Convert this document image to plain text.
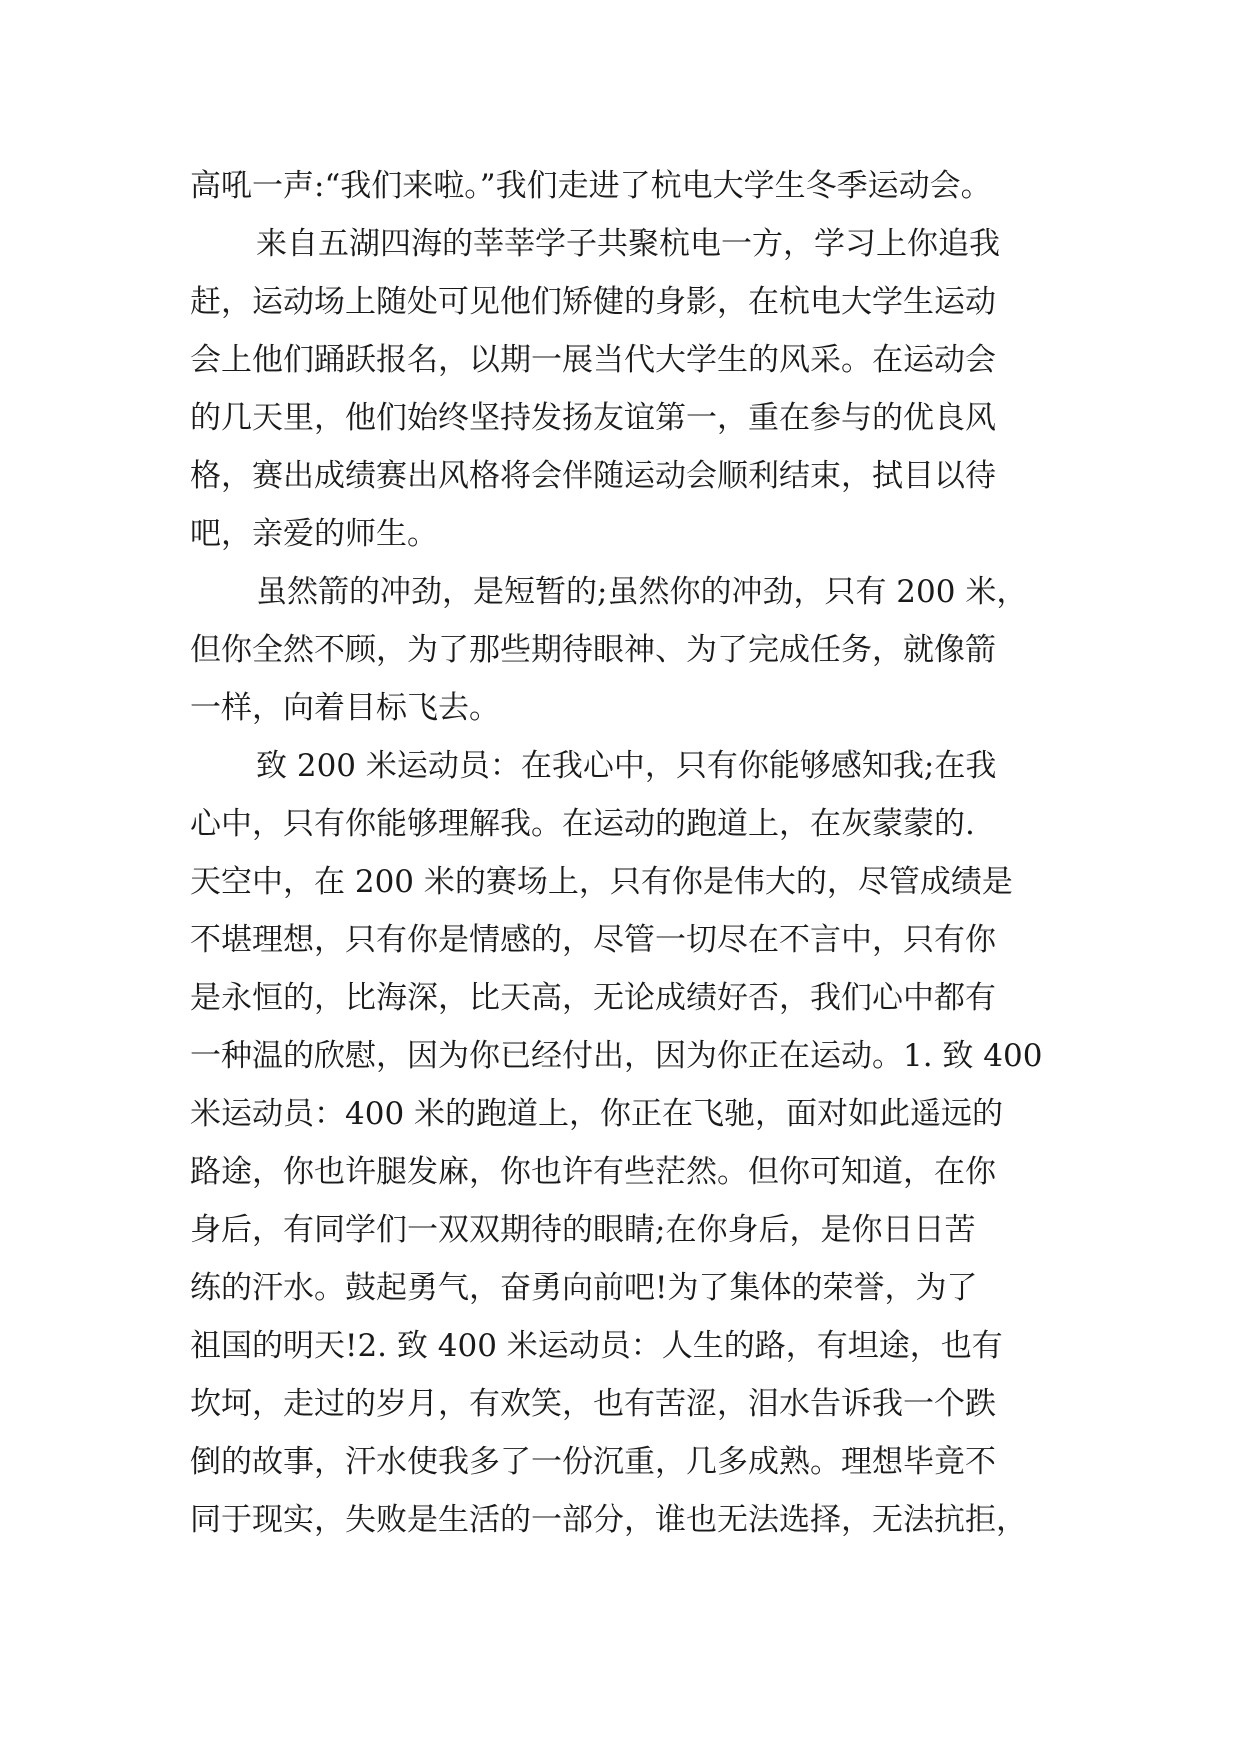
高吼一声:“我们来啦。”我们走进了杭电大学生冬季运动会。
来自五湖四海的莘莘学子共聚杭电一方，学习上你追我
赶，运动场上随处可见他们矫健的身影，在杭电大学生运动
会上他们踊跃报名，以期一展当代大学生的风采。在运动会
的几天里，他们始终坚持发扬友谊第一，重在参与的优良风
格，赛出成绩赛出风格将会伴随运动会顺利结束，拭目以待
吧，亲爱的师生。
虽然箭的冲劲，是短暂的;虽然你的冲劲，只有 200 米，
但你全然不顾，为了那些期待眼神、为了完成任务，就像箭
一样，向着目标飞去。
致 200 米运动员：在我心中，只有你能够感知我;在我
心中，只有你能够理解我。在运动的跑道上，在灰蒙蒙的.
天空中，在 200 米的赛场上，只有你是伟大的，尽管成绩是
不堪理想，只有你是情感的，尽管一切尽在不言中，只有你
是永恒的，比海深，比天高，无论成绩好否，我们心中都有
一种温的欣慰，因为你已经付出，因为你正在运动。1. 致 400
米运动员：400 米的跑道上，你正在飞驰，面对如此遥远的
路途，你也许腿发麻，你也许有些茫然。但你可知道，在你
身后，有同学们一双双期待的眼睛;在你身后，是你日日苦
练的汗水。鼓起勇气，奋勇向前吧!为了集体的荣誉，为了
祖国的明天!2. 致 400 米运动员：人生的路，有坦途，也有
坎坷，走过的岁月，有欢笑，也有苦涩，泪水告诉我一个跌
倒的故事，汗水使我多了一份沉重，几多成熟。理想毕竟不
同于现实，失败是生活的一部分，谁也无法选择，无法抗拒，
